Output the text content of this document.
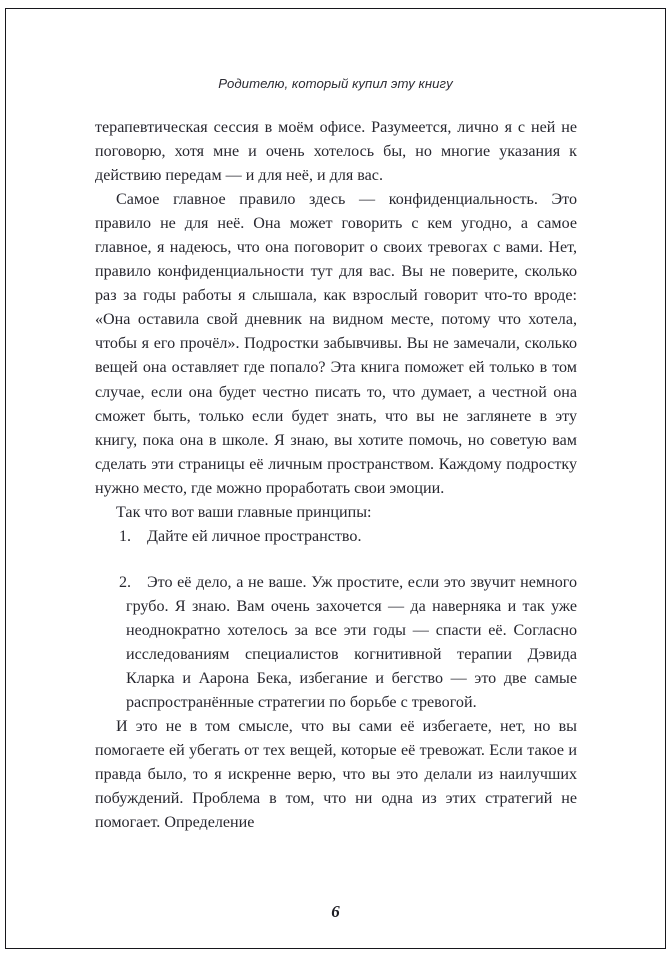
Родителю, который купил эту книгу

терапевтическая сессия в моём офисе. Разумеется, лично я с ней не поговорю, хотя мне и очень хотелось бы, но многие указания к действию передам — и для неё, и для вас.

Самое главное правило здесь — конфиденциальность. Это правило не для неё. Она может говорить с кем угодно, а самое главное, я надеюсь, что она поговорит о своих тревогах с вами. Нет, правило конфиденциальности тут для вас. Вы не поверите, сколько раз за годы работы я слышала, как взрослый говорит что-то вроде: «Она оставила свой дневник на видном месте, потому что хотела, чтобы я его прочёл». Подростки забывчивы. Вы не замечали, сколько вещей она оставляет где попало? Эта книга поможет ей только в том случае, если она будет честно писать то, что думает, а честной она сможет быть, только если будет знать, что вы не заглянете в эту книгу, пока она в школе. Я знаю, вы хотите помочь, но советую вам сделать эти страницы её личным пространством. Каждому подростку нужно место, где можно проработать свои эмоции.

Так что вот ваши главные принципы:

1. Дайте ей личное пространство.

2. Это её дело, а не ваше. Уж простите, если это звучит немного грубо. Я знаю. Вам очень захочется — да наверняка и так уже неоднократно хотелось за все эти годы — спасти её. Согласно исследованиям специалистов когнитивной терапии Дэвида Кларка и Аарона Бека, избегание и бегство — это две самые распространённые стратегии по борьбе с тревогой.

И это не в том смысле, что вы сами её избегаете, нет, но вы помогаете ей убегать от тех вещей, которые её тревожат. Если такое и правда было, то я искренне верю, что вы это делали из наилучших побуждений. Проблема в том, что ни одна из этих стратегий не помогает. Определение

6
